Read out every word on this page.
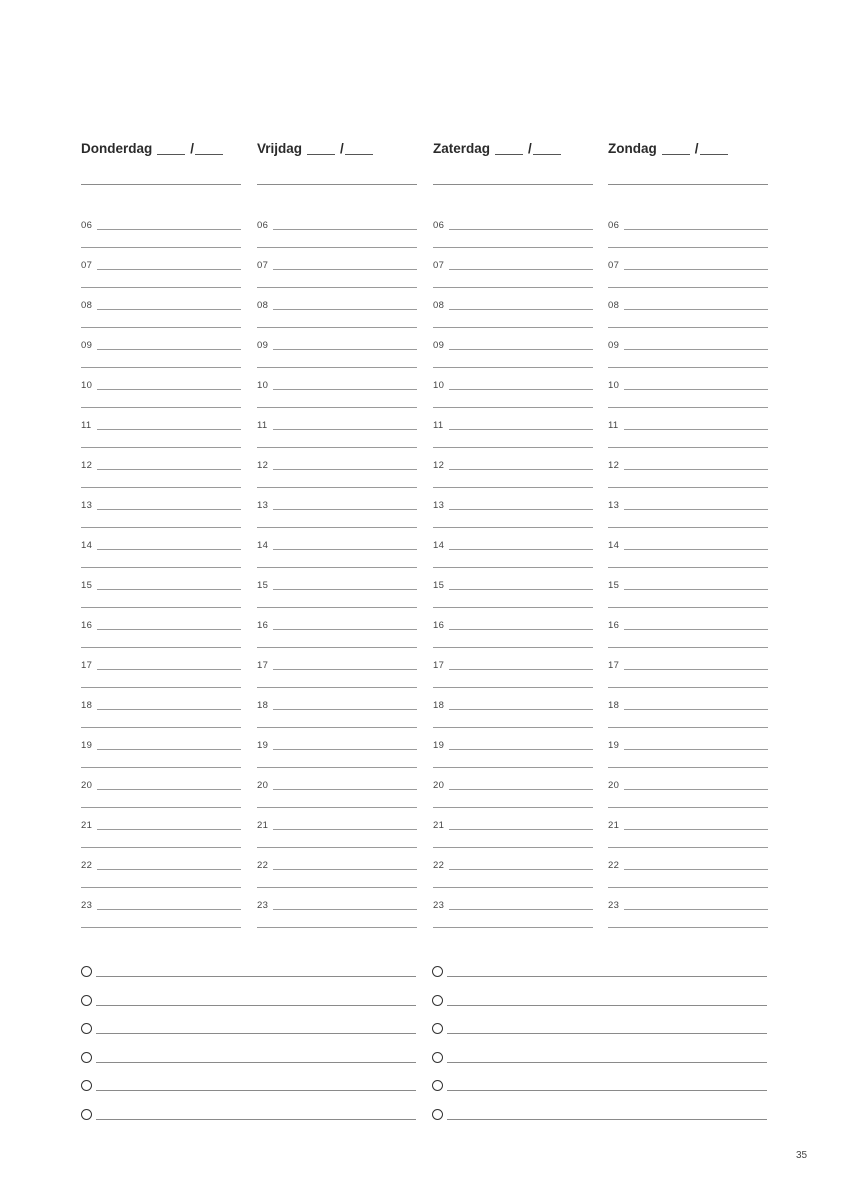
Donderdag	/
06
07
08
09
10
11
12
13
14
15
16
17
18
19
20
21
22
23
Vrijdag	/
06
07
08
09
10
11
12
13
14
15
16
17
18
19
20
21
22
23
Zaterdag	/
06
07
08
09
10
11
12
13
14
15
16
17
18
19
20
21
22
23
Zondag	/
06
07
08
09
10
11
12
13
14
15
16
17
18
19
20
21
22
23
35
